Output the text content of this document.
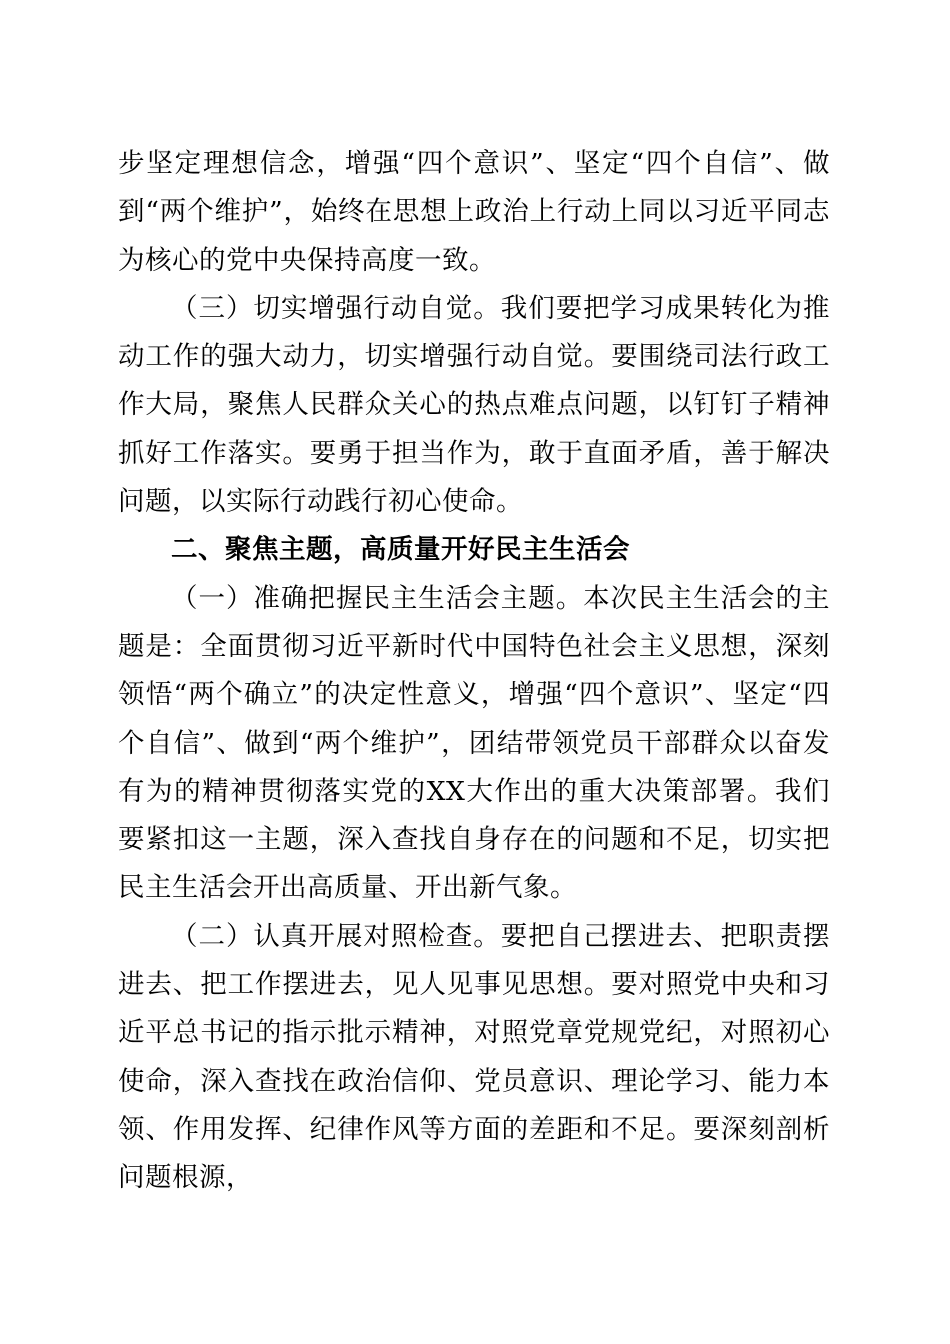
步坚定理想信念，增强“四个意识”、坚定“四个自信”、做到“两个维护”，始终在思想上政治上行动上同以习近平同志为核心的党中央保持高度一致。

（三）切实增强行动自觉。我们要把学习成果转化为推动工作的强大动力，切实增强行动自觉。要围绕司法行政工作大局，聚焦人民群众关心的热点难点问题，以钉钉子精神抓好工作落实。要勇于担当作为，敢于直面矛盾，善于解决问题，以实际行动践行初心使命。

二、聚焦主题，高质量开好民主生活会

（一）准确把握民主生活会主题。本次民主生活会的主题是：全面贯彻习近平新时代中国特色社会主义思想，深刻领悟“两个确立”的决定性意义，增强“四个意识”、坚定“四个自信”、做到“两个维护”，团结带领党员干部群众以奋发有为的精神贯彻落实党的XX大作出的重大决策部署。我们要紧扣这一主题，深入查找自身存在的问题和不足，切实把民主生活会开出高质量、开出新气象。

（二）认真开展对照检查。要把自己摆进去、把职责摆进去、把工作摆进去，见人见事见思想。要对照党中央和习近平总书记的指示批示精神，对照党章党规党纪，对照初心使命，深入查找在政治信仰、党员意识、理论学习、能力本领、作用发挥、纪律作风等方面的差距和不足。要深刻剖析问题根源，
